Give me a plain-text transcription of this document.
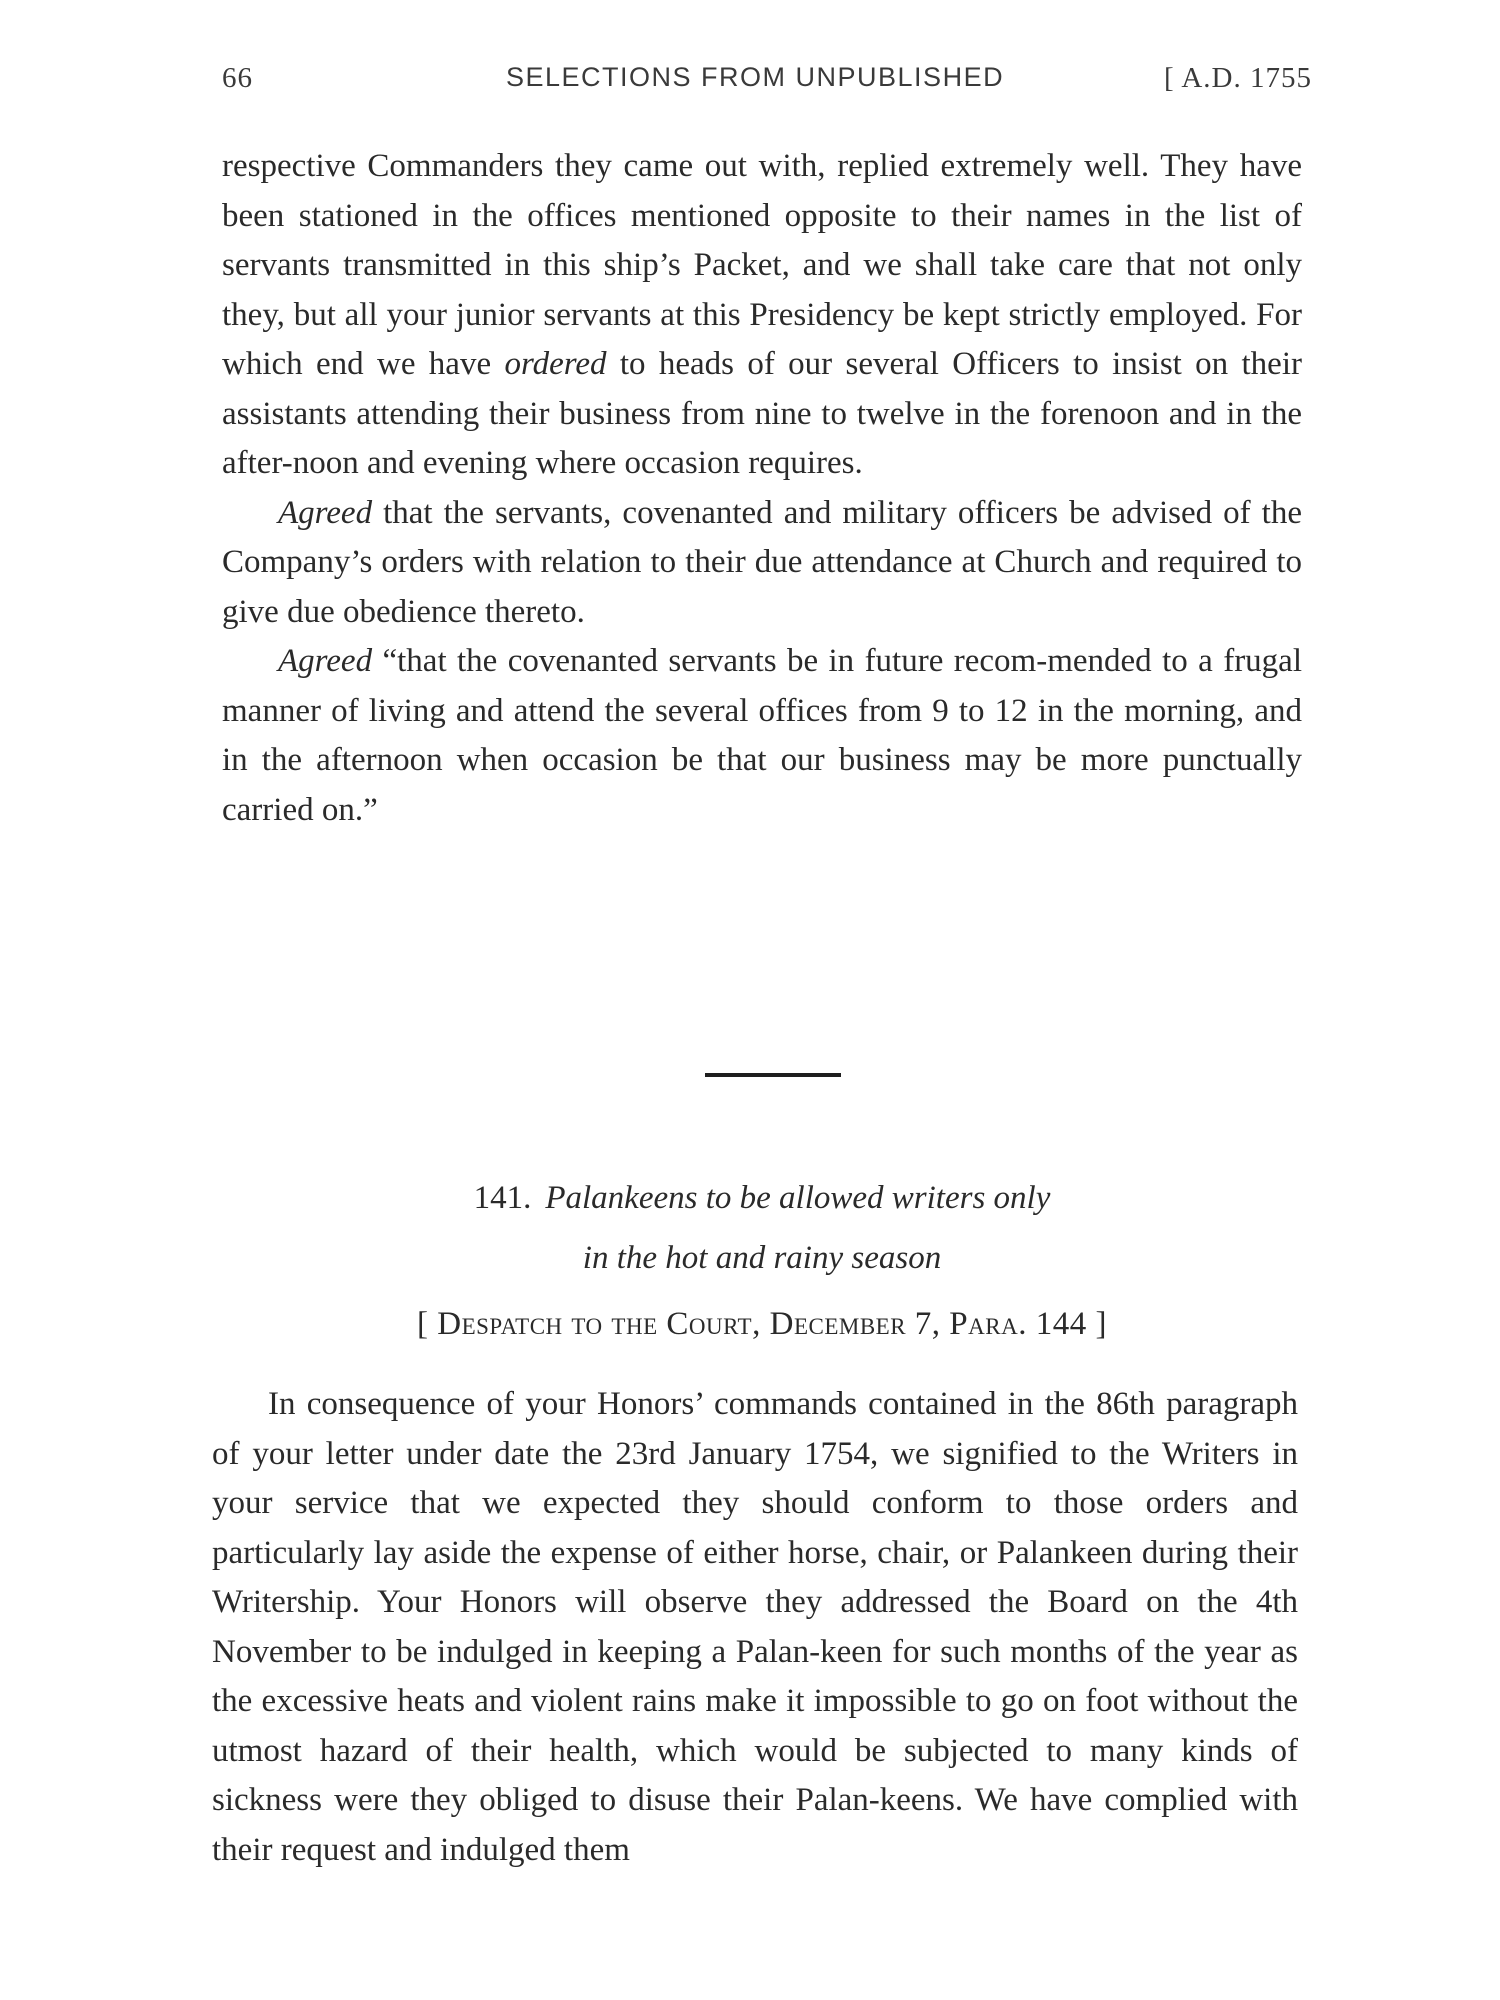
66	SELECTIONS FROM UNPUBLISHED	[ A.D. 1755

respective Commanders they came out with, replied extremely well. They have been stationed in the offices mentioned opposite to their names in the list of servants transmitted in this ship’s Packet, and we shall take care that not only they, but all your junior servants at this Presidency be kept strictly employed. For which end we have ordered to heads of our several Officers to insist on their assistants attending their business from nine to twelve in the forenoon and in the after-noon and evening where occasion requires.

Agreed that the servants, covenanted and military officers be advised of the Company’s orders with relation to their due attendance at Church and required to give due obedience thereto.

Agreed “that the covenanted servants be in future recom-mended to a frugal manner of living and attend the several offices from 9 to 12 in the morning, and in the afternoon when occasion be that our business may be more punctually carried on.”

141. Palankeens to be allowed writers only
in the hot and rainy season
[ Despatch to the Court, December 7, Para. 144 ]

In consequence of your Honors’ commands contained in the 86th paragraph of your letter under date the 23rd January 1754, we signified to the Writers in your service that we expected they should conform to those orders and particularly lay aside the expense of either horse, chair, or Palankeen during their Writership. Your Honors will observe they addressed the Board on the 4th November to be indulged in keeping a Palan-keen for such months of the year as the excessive heats and violent rains make it impossible to go on foot without the utmost hazard of their health, which would be subjected to many kinds of sickness were they obliged to disuse their Palan-keens. We have complied with their request and indulged them
